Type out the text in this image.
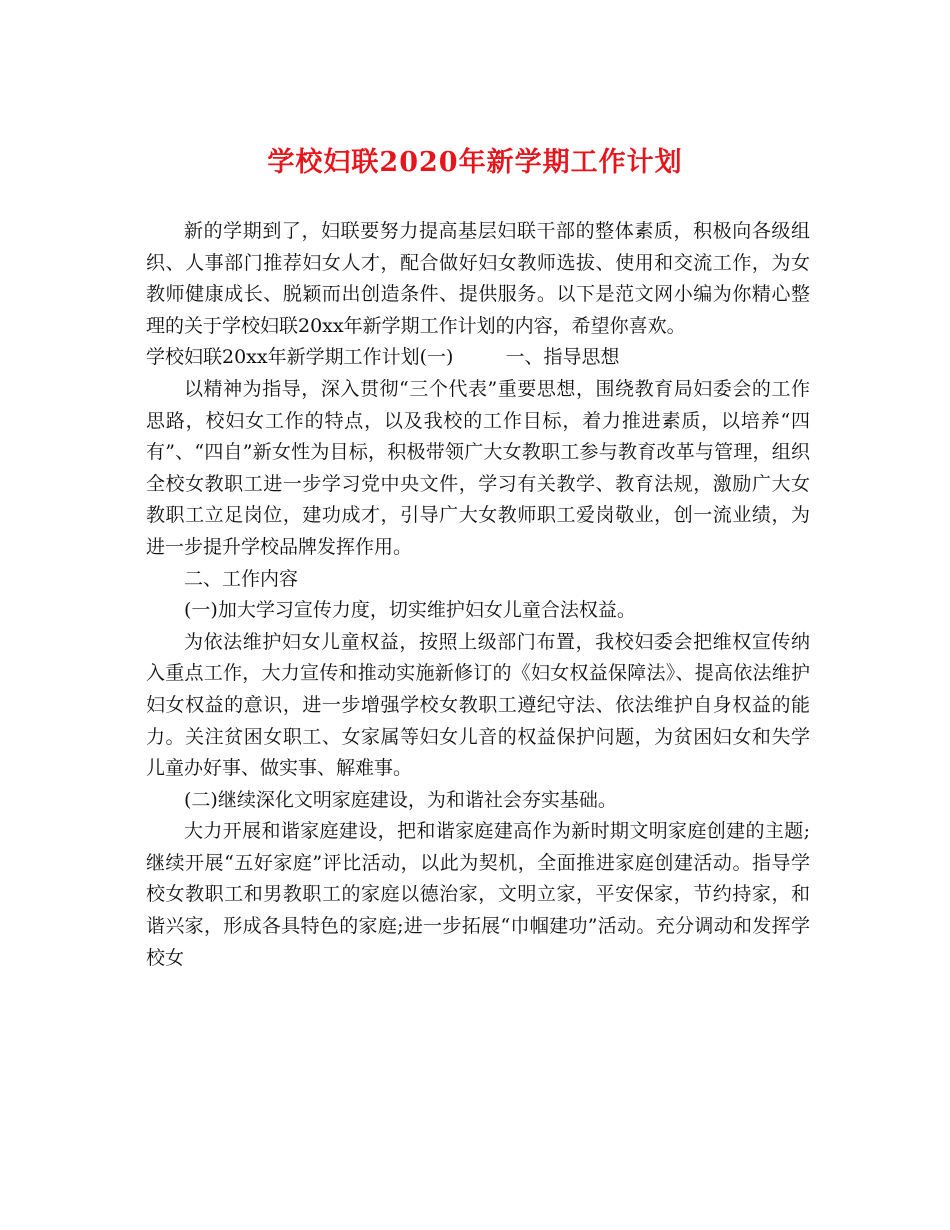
学校妇联2020年新学期工作计划

新的学期到了，妇联要努力提高基层妇联干部的整体素质，积极向各级组织、人事部门推荐妇女人才，配合做好妇女教师选拔、使用和交流工作，为女教师健康成长、脱颖而出创造条件、提供服务。以下是范文网小编为你精心整理的关于学校妇联20xx年新学期工作计划的内容，希望你喜欢。

学校妇联20xx年新学期工作计划(一)	一、指导思想

以精神为指导，深入贯彻“三个代表”重要思想，围绕教育局妇委会的工作思路，校妇女工作的特点，以及我校的工作目标，着力推进素质，以培养“四有”、“四自”新女性为目标，积极带领广大女教职工参与教育改革与管理，组织全校女教职工进一步学习党中央文件，学习有关教学、教育法规，激励广大女教职工立足岗位，建功成才，引导广大女教师职工爱岗敬业，创一流业绩，为进一步提升学校品牌发挥作用。

二、工作内容

(一)加大学习宣传力度，切实维护妇女儿童合法权益。

为依法维护妇女儿童权益，按照上级部门布置，我校妇委会把维权宣传纳入重点工作，大力宣传和推动实施新修订的《妇女权益保障法》、提高依法维护妇女权益的意识，进一步增强学校女教职工遵纪守法、依法维护自身权益的能力。关注贫困女职工、女家属等妇女儿音的权益保护问题，为贫困妇女和失学儿童办好事、做实事、解难事。

(二)继续深化文明家庭建设，为和谐社会夯实基础。

大力开展和谐家庭建设，把和谐家庭建高作为新时期文明家庭创建的主题;继续开展“五好家庭”评比活动，以此为契机，全面推进家庭创建活动。指导学校女教职工和男教职工的家庭以德治家，文明立家，平安保家，节约持家，和谐兴家，形成各具特色的家庭;进一步拓展“巾帼建功”活动。充分调动和发挥学校女
